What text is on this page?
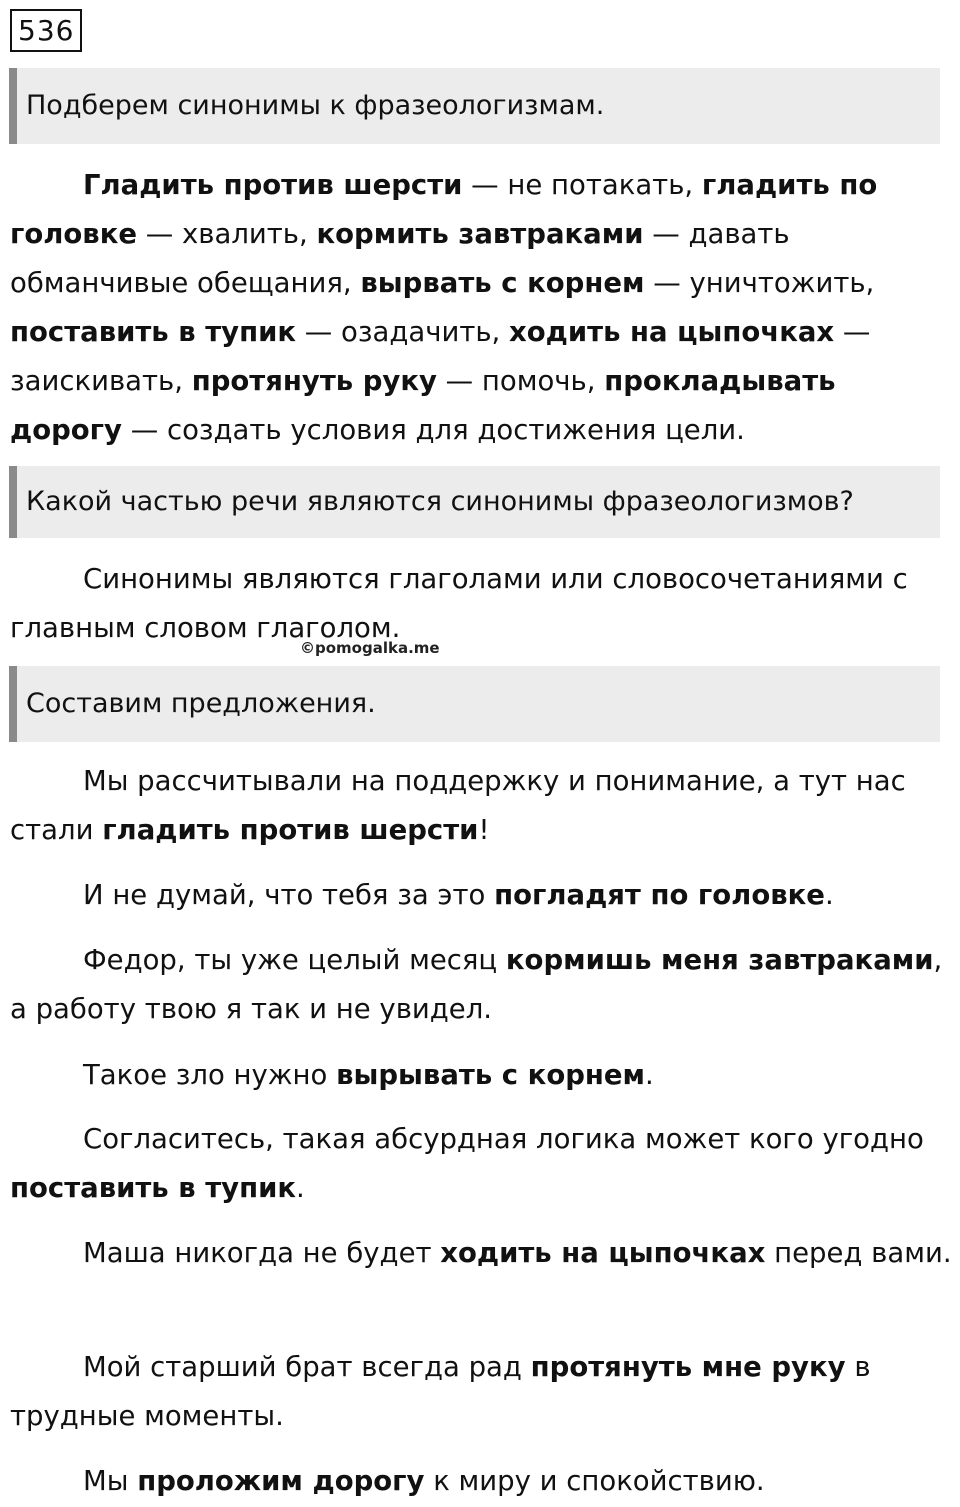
536
Подберем синонимы к фразеологизмам.

Гладить против шерсти — не потакать, гладить по головке — хвалить, кормить завтраками — давать обманчивые обещания, вырвать с корнем — уничтожить, поставить в тупик — озадачить, ходить на цыпочках — заискивать, протянуть руку — помочь, прокладывать дорогу — создать условия для достижения цели.

Какой частью речи являются синонимы фразеологизмов?

Синонимы являются глаголами или словосочетаниями с главным словом глаголом.

©pomogalka.me
Составим предложения.

Мы рассчитывали на поддержку и понимание, а тут нас стали гладить против шерсти!

И не думай, что тебя за это погладят по головке.

Федор, ты уже целый месяц кормишь меня завтраками, а работу твою я так и не увидел.

Такое зло нужно вырывать с корнем.

Согласитесь, такая абсурдная логика может кого угодно поставить в тупик.

Маша никогда не будет ходить на цыпочках перед вами.

Мой старший брат всегда рад протянуть мне руку в трудные моменты.

Мы проложим дорогу к миру и спокойствию.
